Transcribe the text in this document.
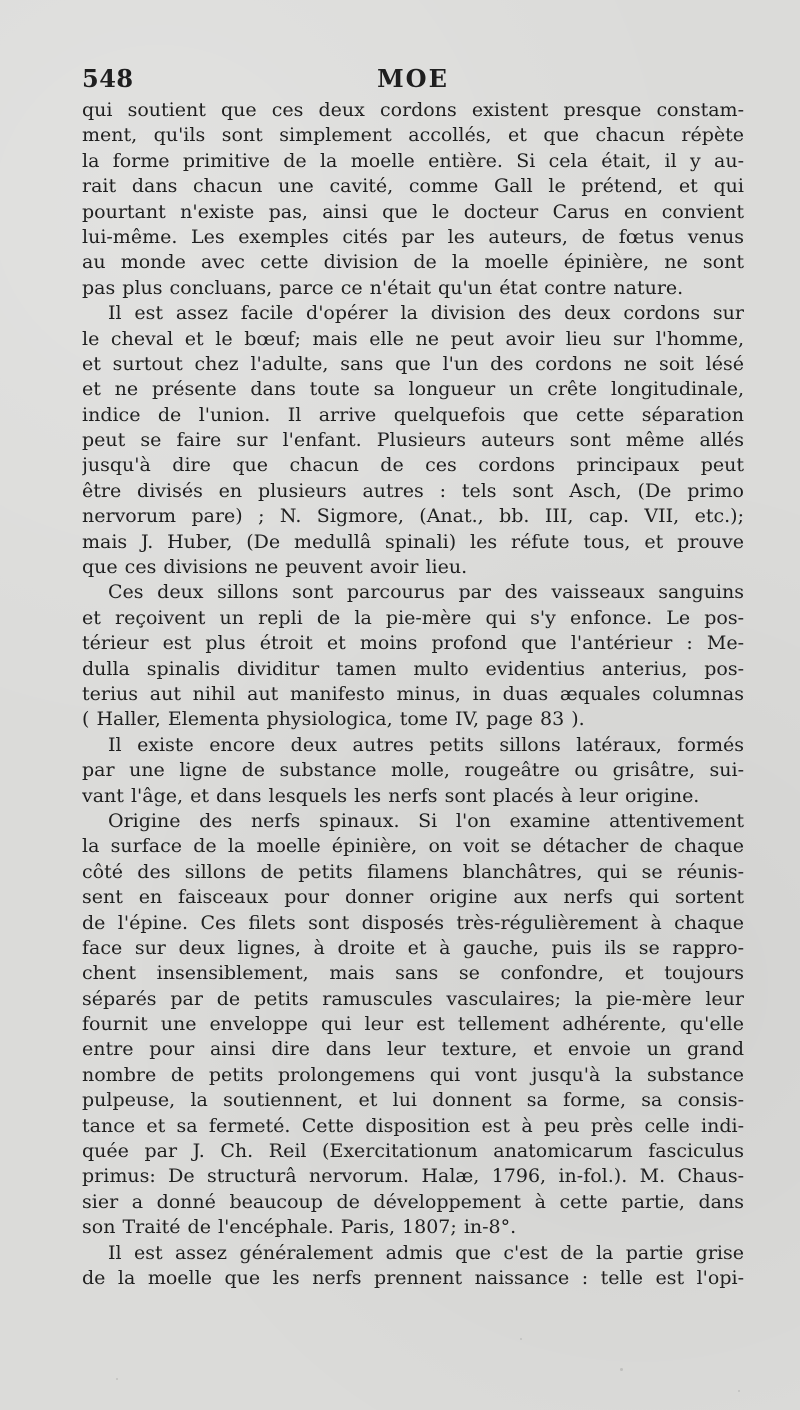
548	MOE
qui soutient que ces deux cordons existent presque constam-
ment, qu'ils sont simplement accollés, et que chacun répète
la forme primitive de la moelle entière. Si cela était, il y au-
rait dans chacun une cavité, comme Gall le prétend, et qui
pourtant n'existe pas, ainsi que le docteur Carus en convient
lui-même. Les exemples cités par les auteurs, de fœtus venus
au monde avec cette division de la moelle épinière, ne sont
pas plus concluans, parce ce n'était qu'un état contre nature.
Il est assez facile d'opérer la division des deux cordons sur
le cheval et le bœuf; mais elle ne peut avoir lieu sur l'homme,
et surtout chez l'adulte, sans que l'un des cordons ne soit lésé
et ne présente dans toute sa longueur un crête longitudinale,
indice de l'union. Il arrive quelquefois que cette séparation
peut se faire sur l'enfant. Plusieurs auteurs sont même allés
jusqu'à dire que chacun de ces cordons principaux peut
être divisés en plusieurs autres : tels sont Asch, (De primo
nervorum pare) ; N. Sigmore, (Anat., bb. III, cap. VII, etc.);
mais J. Huber, (De medullâ spinali) les réfute tous, et prouve
que ces divisions ne peuvent avoir lieu.
Ces deux sillons sont parcourus par des vaisseaux sanguins
et reçoivent un repli de la pie-mère qui s'y enfonce. Le pos-
térieur est plus étroit et moins profond que l'antérieur : Me-
dulla spinalis dividitur tamen multo evidentius anterius, pos-
terius aut nihil aut manifesto minus, in duas æquales columnas
( Haller, Elementa physiologica, tome IV, page 83 ).
Il existe encore deux autres petits sillons latéraux, formés
par une ligne de substance molle, rougeâtre ou grisâtre, sui-
vant l'âge, et dans lesquels les nerfs sont placés à leur origine.
Origine des nerfs spinaux. Si l'on examine attentivement
la surface de la moelle épinière, on voit se détacher de chaque
côté des sillons de petits filamens blanchâtres, qui se réunis-
sent en faisceaux pour donner origine aux nerfs qui sortent
de l'épine. Ces filets sont disposés très-régulièrement à chaque
face sur deux lignes, à droite et à gauche, puis ils se rappro-
chent insensiblement, mais sans se confondre, et toujours
séparés par de petits ramuscules vasculaires; la pie-mère leur
fournit une enveloppe qui leur est tellement adhérente, qu'elle
entre pour ainsi dire dans leur texture, et envoie un grand
nombre de petits prolongemens qui vont jusqu'à la substance
pulpeuse, la soutiennent, et lui donnent sa forme, sa consis-
tance et sa fermeté. Cette disposition est à peu près celle indi-
quée par J. Ch. Reil (Exercitationum anatomicarum fasciculus
primus: De structurâ nervorum. Halæ, 1796, in-fol.). M. Chaus-
sier a donné beaucoup de développement à cette partie, dans
son Traité de l'encéphale. Paris, 1807; in-8°.
Il est assez généralement admis que c'est de la partie grise
de la moelle que les nerfs prennent naissance : telle est l'opi-
